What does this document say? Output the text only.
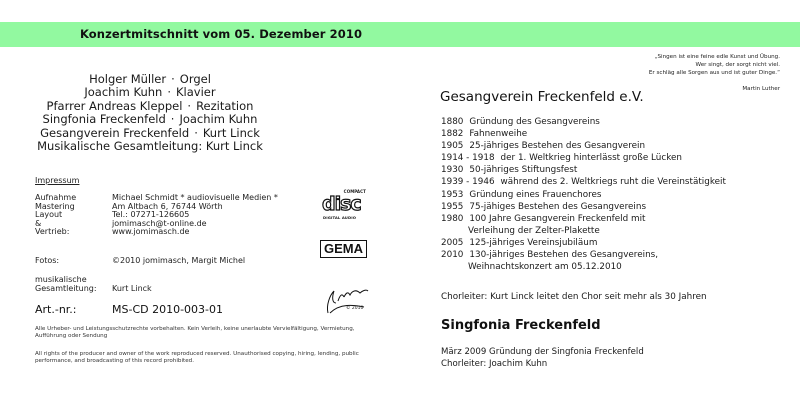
Konzertmitschnitt vom 05. Dezember 2010
Holger Müller · Orgel
Joachim Kuhn · Klavier
Pfarrer Andreas Kleppel · Rezitation
Singfonia Freckenfeld · Joachim Kuhn
Gesangverein Freckenfeld · Kurt Linck
Musikalische Gesamtleitung: Kurt Linck
Impressum
Aufnahme
Mastering
Layout
&
Vertrieb:
Michael Schmidt * audiovisuelle Medien *
Am Altbach 6, 76744 Wörth
Tel.: 07271-126605
jomimasch@t-online.de
www.jomimasch.de
Fotos:	©2010 jomimasch, Margit Michel
musikalische
Gesamtleitung: Kurt Linck
Art.-nr.:	MS-CD 2010-003-01
Alle Urheber- und Leistungsschutzrechte vorbehalten. Kein Verleih, keine unerlaubte Vervielfältigung, Vermietung, Aufführung oder Sendung
All rights of the producer and owner of the work reproduced reserved. Unauthorised copying, hiring, lending, public performance, and broadcasting of this record prohibited.
COMPACT
disc
DIGITAL AUDIO
GEMA
© 2010
„Singen ist eine feine edle Kunst und Übung.
Wer singt, der sorgt nicht viel.
Er schläg alle Sorgen aus und ist guter Dinge.“
Martin Luther
Gesangverein Freckenfeld e.V.
1880 Gründung des Gesangvereins
1882 Fahnenweihe
1905 25-jähriges Bestehen des Gesangverein
1914 - 1918 der 1. Weltkrieg hinterlässt große Lücken
1930 50-jähriges Stiftungsfest
1939 - 1946 während des 2. Weltkriegs ruht die Vereinstätigkeit
1953 Gründung eines Frauenchores
1955 75-jähiges Bestehen des Gesangvereins
1980 100 Jahre Gesangverein Freckenfeld mit
Verleihung der Zelter-Plakette
2005 125-jähriges Vereinsjubiläum
2010 130-jähriges Bestehen des Gesangvereins,
Weihnachtskonzert am 05.12.2010
Chorleiter: Kurt Linck leitet den Chor seit mehr als 30 Jahren
Singfonia Freckenfeld
März 2009 Gründung der Singfonia Freckenfeld
Chorleiter: Joachim Kuhn
